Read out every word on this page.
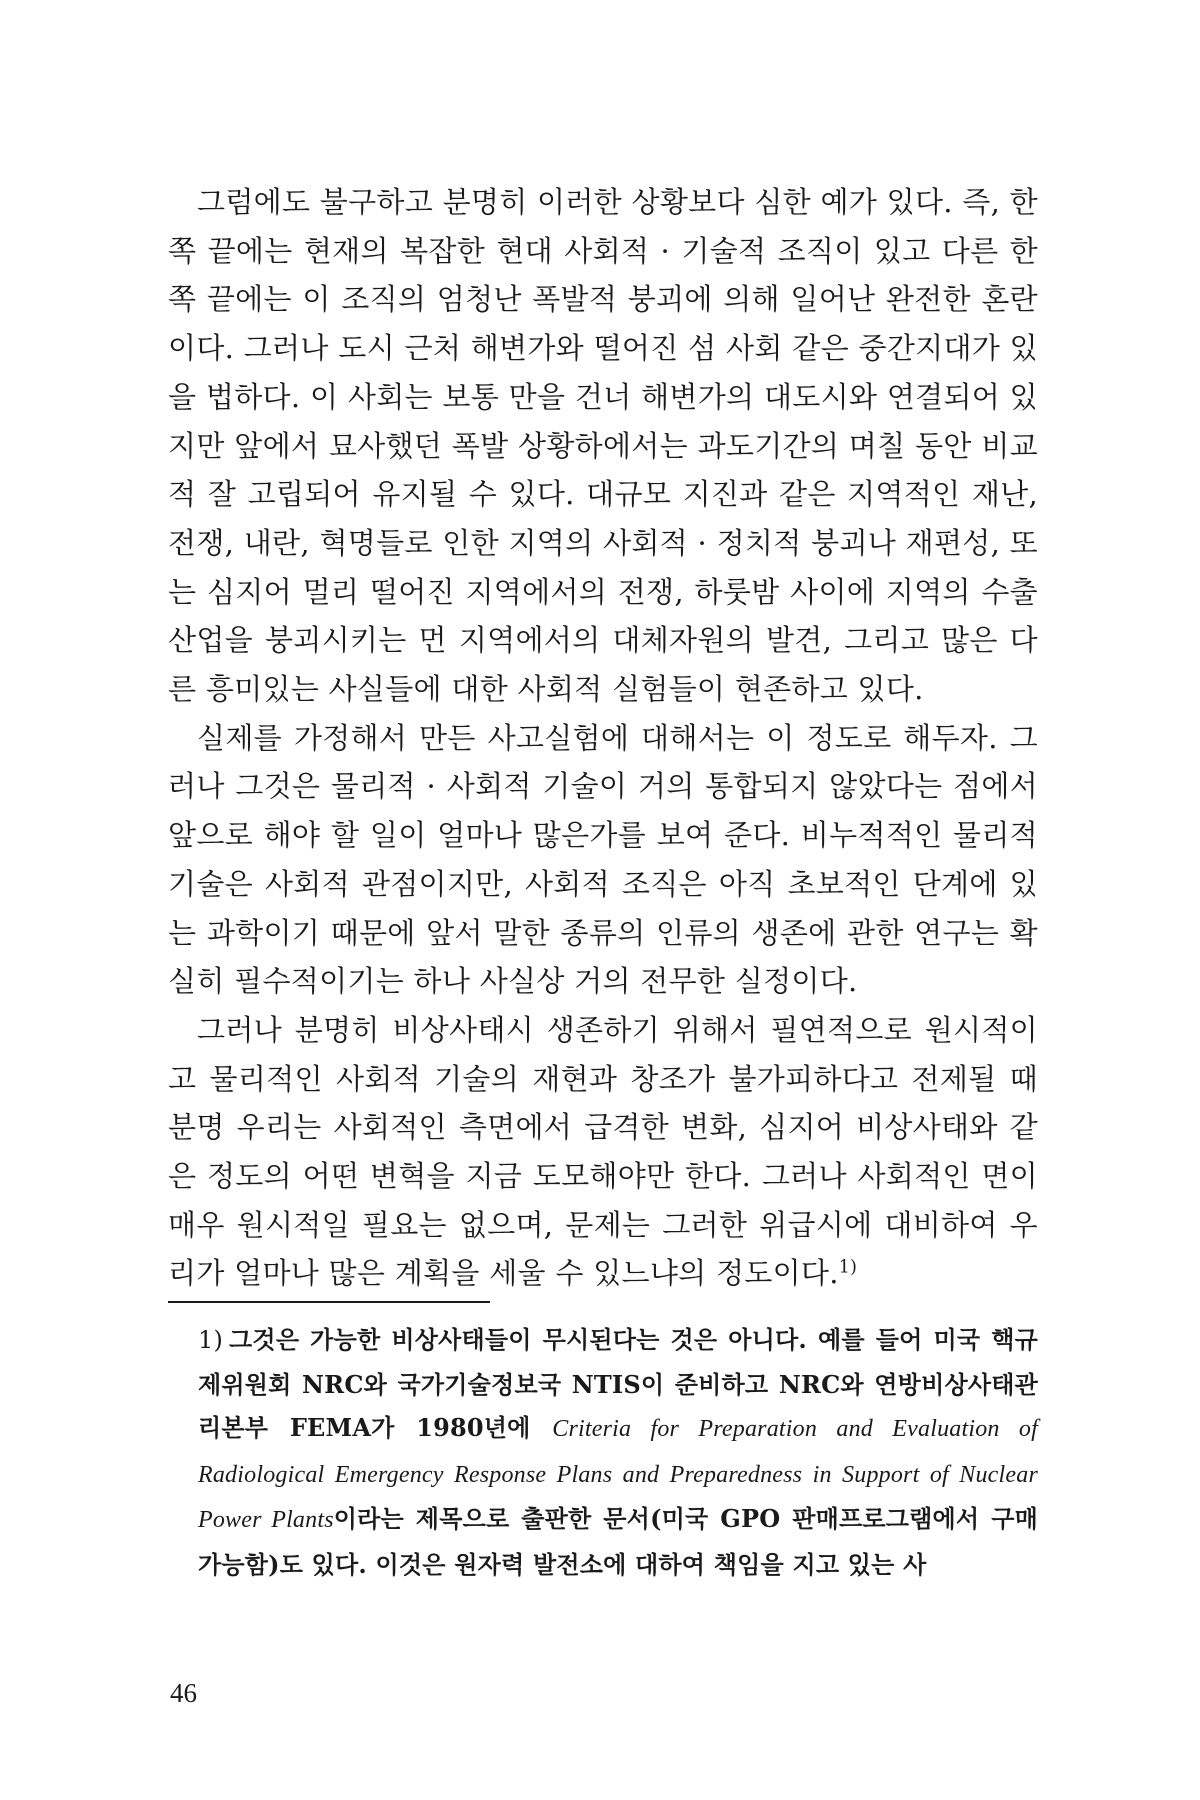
그럼에도 불구하고 분명히 이러한 상황보다 심한 예가 있다. 즉, 한쪽 끝에는 현재의 복잡한 현대 사회적 · 기술적 조직이 있고 다른 한쪽 끝에는 이 조직의 엄청난 폭발적 붕괴에 의해 일어난 완전한 혼란이다. 그러나 도시 근처 해변가와 떨어진 섬 사회 같은 중간지대가 있을 법하다. 이 사회는 보통 만을 건너 해변가의 대도시와 연결되어 있지만 앞에서 묘사했던 폭발 상황하에서는 과도기간의 며칠 동안 비교적 잘 고립되어 유지될 수 있다. 대규모 지진과 같은 지역적인 재난, 전쟁, 내란, 혁명들로 인한 지역의 사회적 · 정치적 붕괴나 재편성, 또는 심지어 멀리 떨어진 지역에서의 전쟁, 하룻밤 사이에 지역의 수출산업을 붕괴시키는 먼 지역에서의 대체자원의 발견, 그리고 많은 다른 흥미있는 사실들에 대한 사회적 실험들이 현존하고 있다.

실제를 가정해서 만든 사고실험에 대해서는 이 정도로 해두자. 그러나 그것은 물리적 · 사회적 기술이 거의 통합되지 않았다는 점에서 앞으로 해야 할 일이 얼마나 많은가를 보여 준다. 비누적적인 물리적 기술은 사회적 관점이지만, 사회적 조직은 아직 초보적인 단계에 있는 과학이기 때문에 앞서 말한 종류의 인류의 생존에 관한 연구는 확실히 필수적이기는 하나 사실상 거의 전무한 실정이다.

그러나 분명히 비상사태시 생존하기 위해서 필연적으로 원시적이고 물리적인 사회적 기술의 재현과 창조가 불가피하다고 전제될 때 분명 우리는 사회적인 측면에서 급격한 변화, 심지어 비상사태와 같은 정도의 어떤 변혁을 지금 도모해야만 한다. 그러나 사회적인 면이 매우 원시적일 필요는 없으며, 문제는 그러한 위급시에 대비하여 우리가 얼마나 많은 계획을 세울 수 있느냐의 정도이다.$^{1)}$

1) 그것은 가능한 비상사태들이 무시된다는 것은 아니다. 예를 들어 미국 핵규제위원회 NRC와 국가기술정보국 NTIS이 준비하고 NRC와 연방비상사태관리본부 FEMA가 1980년에 Criteria for Preparation and Evaluation of Radiological Emergency Response Plans and Preparedness in Support of Nuclear Power Plants이라는 제목으로 출판한 문서(미국 GPO 판매프로그램에서 구매 가능함)도 있다. 이것은 원자력 발전소에 대하여 책임을 지고 있는 사
46
